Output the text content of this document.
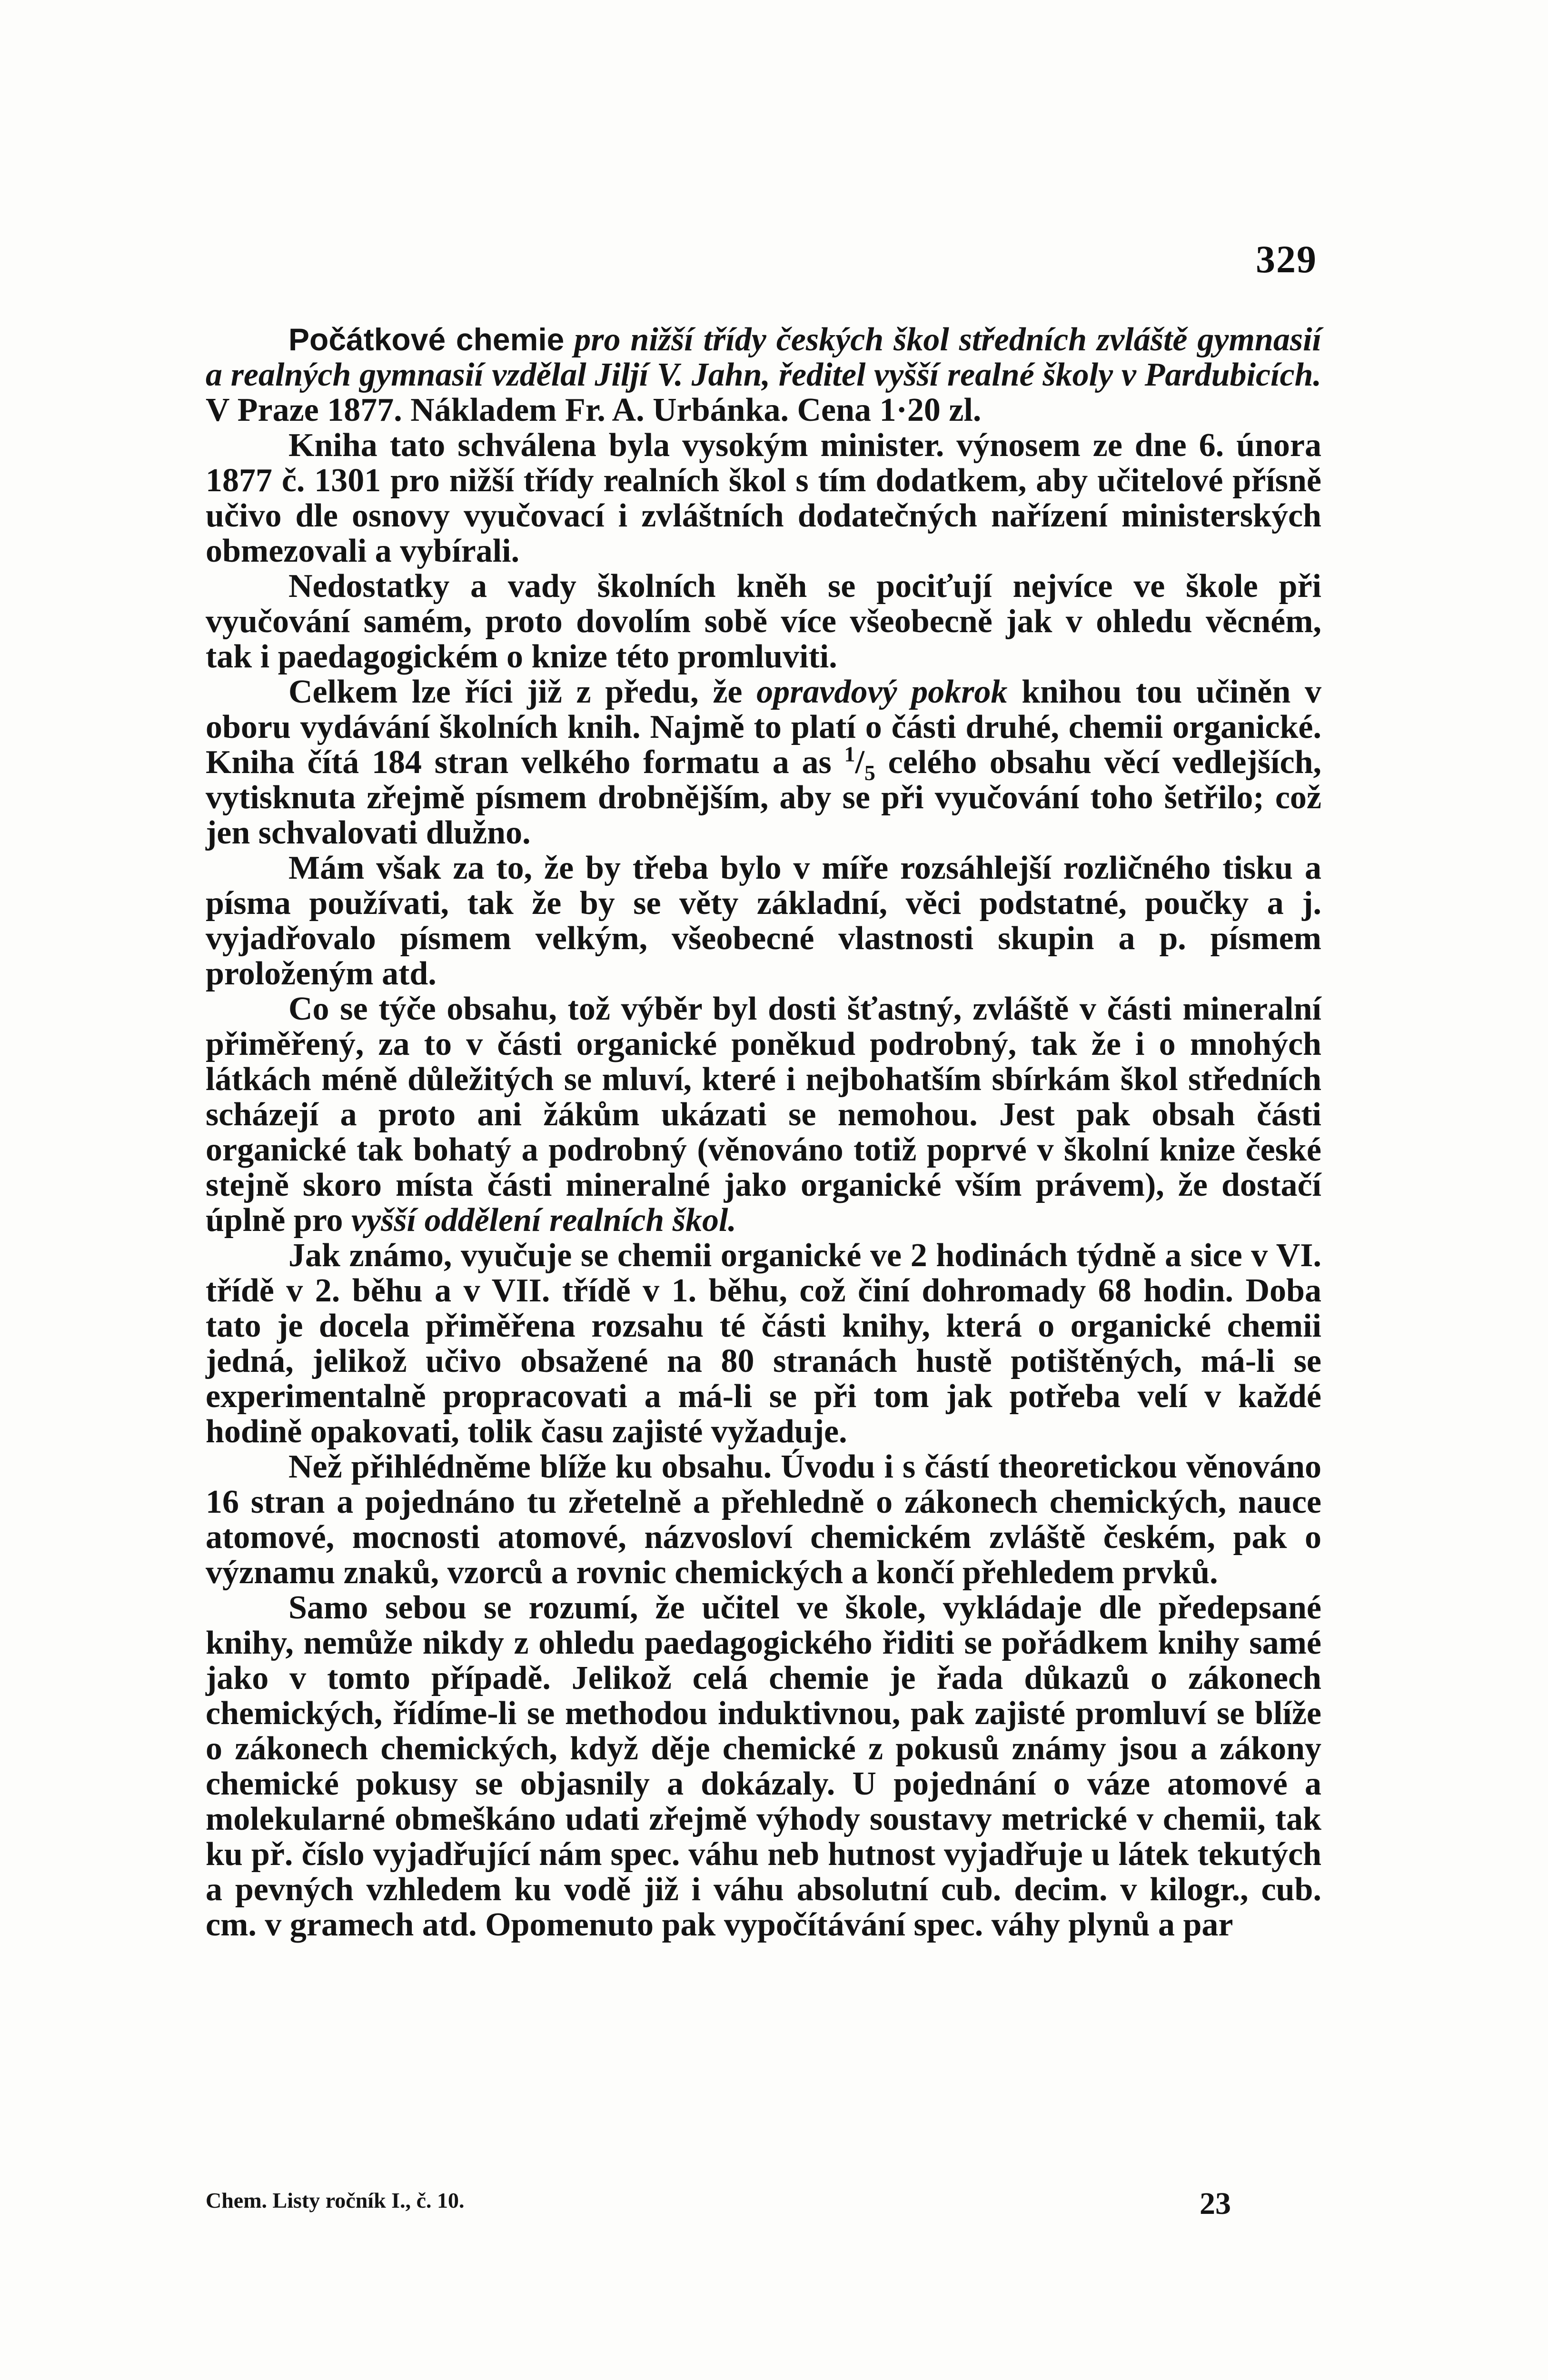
329

Počátkové chemie pro nižší třídy českých škol středních zvláště gymnasií a realných gymnasií vzdělal Jiljí V. Jahn, ředitel vyšší realné školy v Pardubicích. V Praze 1877. Nákladem Fr. A. Urbánka. Cena 1·20 zl.

Kniha tato schválena byla vysokým minister. výnosem ze dne 6. února 1877 č. 1301 pro nižší třídy realních škol s tím dodatkem, aby učitelové přísně učivo dle osnovy vyučovací i zvláštních dodatečných nařízení ministerských obmezovali a vybírali.

Nedostatky a vady školních kněh se pociťují nejvíce ve škole při vyučování samém, proto dovolím sobě více všeobecně jak v ohledu věcném, tak i paedagogickém o knize této promluviti.

Celkem lze říci již z předu, že opravdový pokrok knihou tou učiněn v oboru vydávání školních knih. Najmě to platí o části druhé, chemii organické. Kniha čítá 184 stran velkého formatu a as $^1/_5$ celého obsahu věcí vedlejších, vytisknuta zřejmě písmem drobnějším, aby se při vyučování toho šetřilo; což jen schvalovati dlužno.

Mám však za to, že by třeba bylo v míře rozsáhlejší rozličného tisku a písma používati, tak že by se věty základní, věci podstatné, poučky a j. vyjadřovalo písmem velkým, všeobecné vlastnosti skupin a p. písmem proloženým atd.

Co se týče obsahu, tož výběr byl dosti šťastný, zvláště v části mineralní přiměřený, za to v části organické poněkud podrobný, tak že i o mnohých látkách méně důležitých se mluví, které i nejbohatším sbírkám škol středních scházejí a proto ani žákům ukázati se nemohou. Jest pak obsah části organické tak bohatý a podrobný (věnováno totiž poprvé v školní knize české stejně skoro místa části mineralné jako organické vším právem), že dostačí úplně pro vyšší oddělení realních škol.

Jak známo, vyučuje se chemii organické ve 2 hodinách týdně a sice v VI. třídě v 2. běhu a v VII. třídě v 1. běhu, což činí dohromady 68 hodin. Doba tato je docela přiměřena rozsahu té části knihy, která o organické chemii jedná, jelikož učivo obsažené na 80 stranách hustě potištěných, má-li se experimentalně propracovati a má-li se při tom jak potřeba velí v každé hodině opakovati, tolik času zajisté vyžaduje.

Než přihlédněme blíže ku obsahu. Úvodu i s částí theoretickou věnováno 16 stran a pojednáno tu zřetelně a přehledně o zákonech chemických, nauce atomové, mocnosti atomové, názvosloví chemickém zvláště českém, pak o významu znaků, vzorců a rovnic chemických a končí přehledem prvků.

Samo sebou se rozumí, že učitel ve škole, vykládaje dle předepsané knihy, nemůže nikdy z ohledu paedagogického řiditi se pořádkem knihy samé jako v tomto případě. Jelikož celá chemie je řada důkazů o zákonech chemických, řídíme-li se methodou induktivnou, pak zajisté promluví se blíže o zákonech chemických, když děje chemické z pokusů známy jsou a zákony chemické pokusy se objasnily a dokázaly. U pojednání o váze atomové a molekularné obmeškáno udati zřejmě výhody soustavy metrické v chemii, tak ku př. číslo vyjadřující nám spec. váhu neb hutnost vyjadřuje u látek tekutých a pevných vzhledem ku vodě již i váhu absolutní cub. decim. v kilogr., cub. cm. v gramech atd. Opomenuto pak vypočítávání spec. váhy plynů a par

Chem. Listy ročník I., č. 10.	23
